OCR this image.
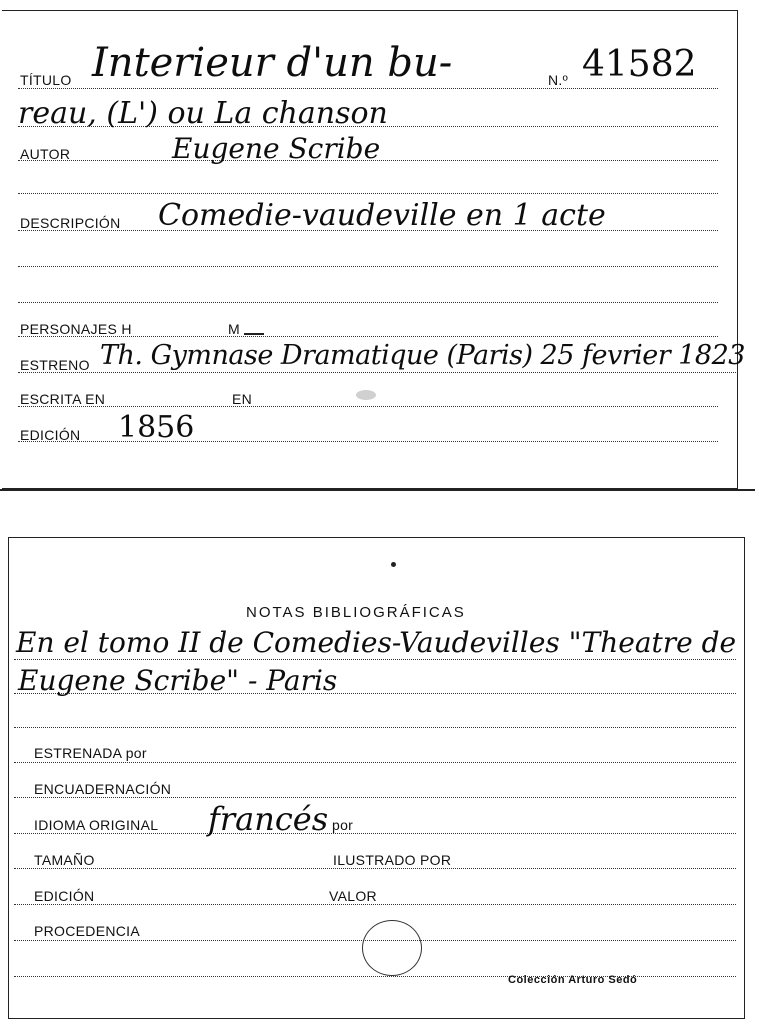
TÍTULO Interieur d'un bu-	N.º 41582
reau, (L') ou La chanson
AUTOR	Eugene Scribe
DESCRIPCIÓN Comedie-vaudeville en 1 acte
PERSONAJES H	M
ESTRENO Th. Gymnase Dramatique (Paris) 25 fevrier 1823
ESCRITA EN	EN
EDICIÓN 1856
NOTAS BIBLIOGRÁFICAS
En el tomo II de Comedies-Vaudevilles "Theatre de
Eugene Scribe" - Paris
ESTRENADA por
ENCUADERNACIÓN
IDIOMA ORIGINAL francés por
TAMAÑO	ILUSTRADO POR
EDICIÓN	VALOR
PROCEDENCIA
Colección Arturo Sedó
